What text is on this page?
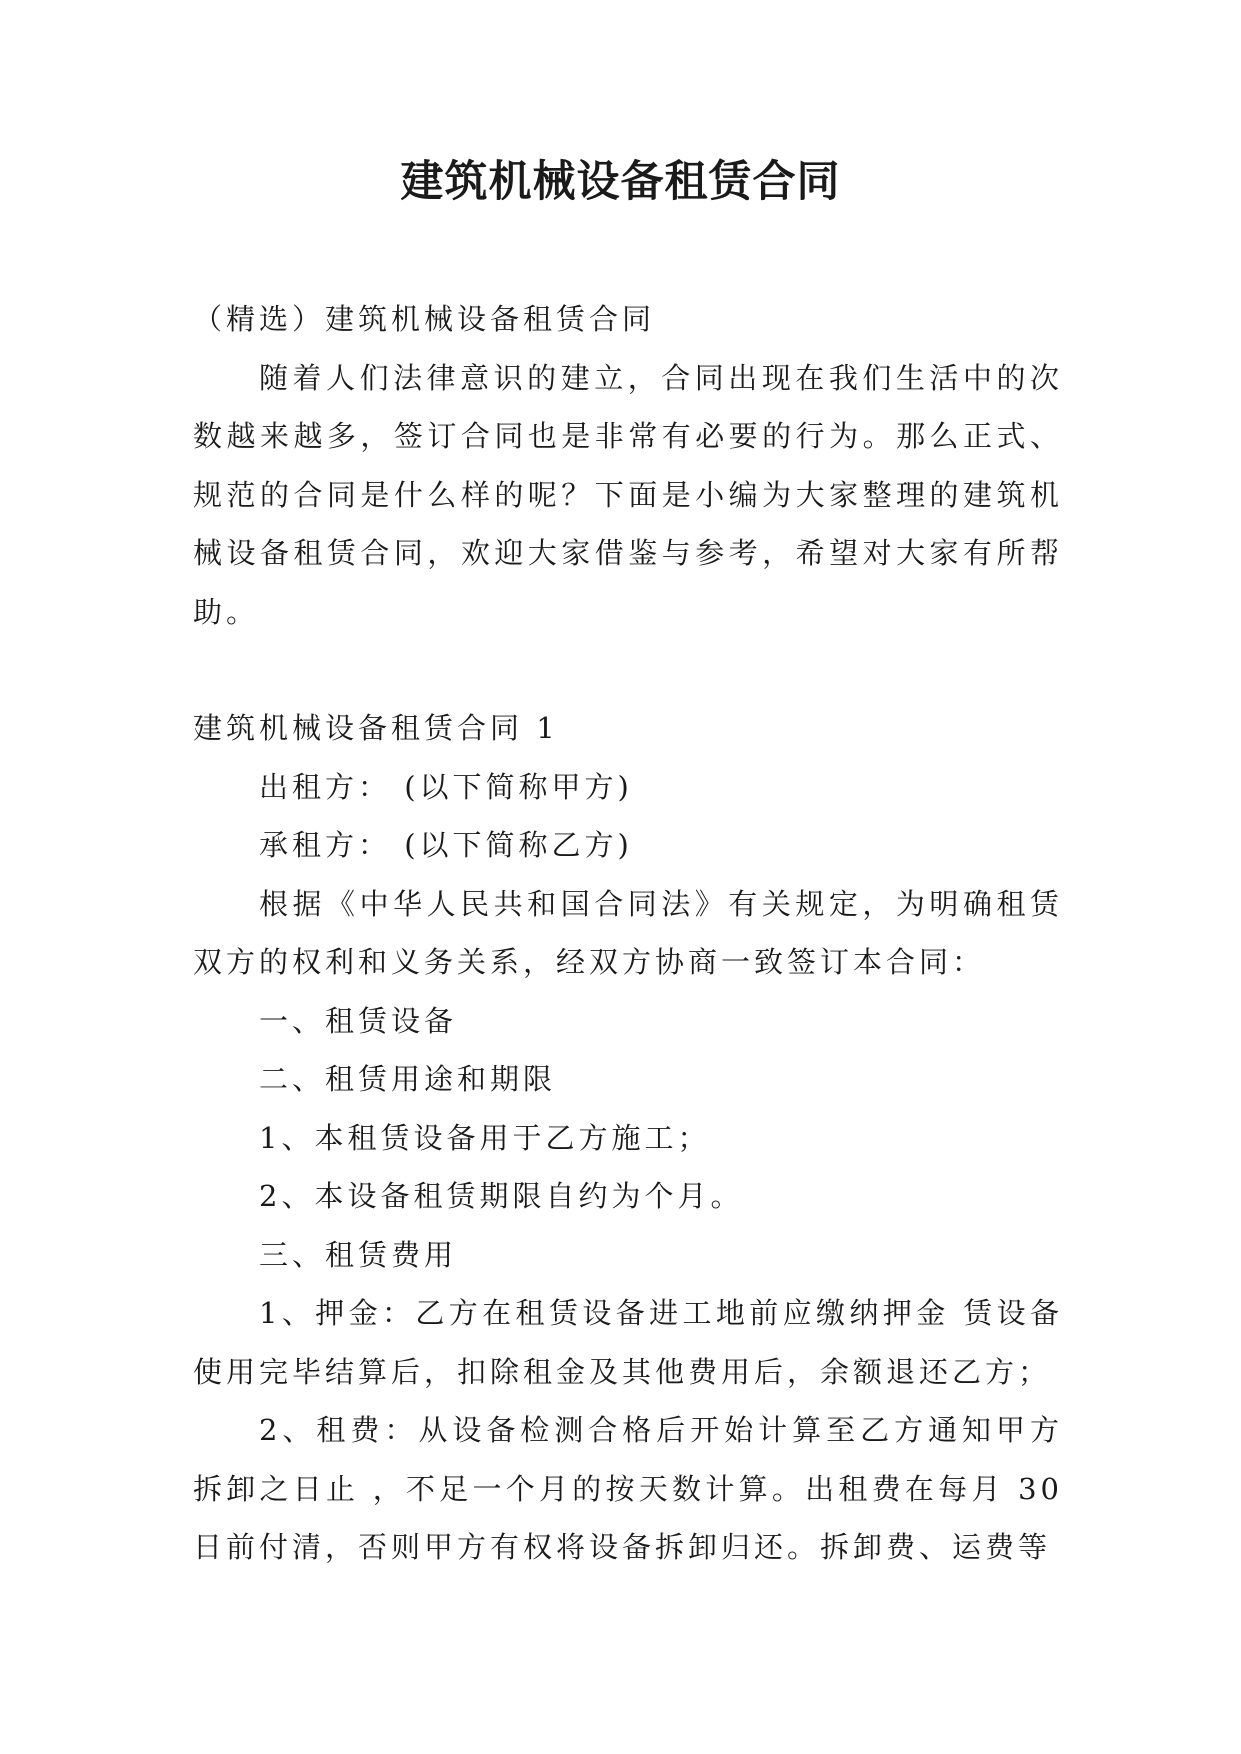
建筑机械设备租赁合同

（精选）建筑机械设备租赁合同

随着人们法律意识的建立，合同出现在我们生活中的次数越来越多，签订合同也是非常有必要的行为。那么正式、规范的合同是什么样的呢？下面是小编为大家整理的建筑机械设备租赁合同，欢迎大家借鉴与参考，希望对大家有所帮助。

建筑机械设备租赁合同 1

出租方： (以下简称甲方)

承租方： (以下简称乙方)

根据《中华人民共和国合同法》有关规定，为明确租赁双方的权利和义务关系，经双方协商一致签订本合同：

一、租赁设备

二、租赁用途和期限

1、本租赁设备用于乙方施工；

2、本设备租赁期限自约为个月。

三、租赁费用

1、押金：乙方在租赁设备进工地前应缴纳押金 赁设备使用完毕结算后，扣除租金及其他费用后，余额退还乙方；

2、租费：从设备检测合格后开始计算至乙方通知甲方拆卸之日止 ，不足一个月的按天数计算。出租费在每月 30 日前付清，否则甲方有权将设备拆卸归还。拆卸费、运费等
